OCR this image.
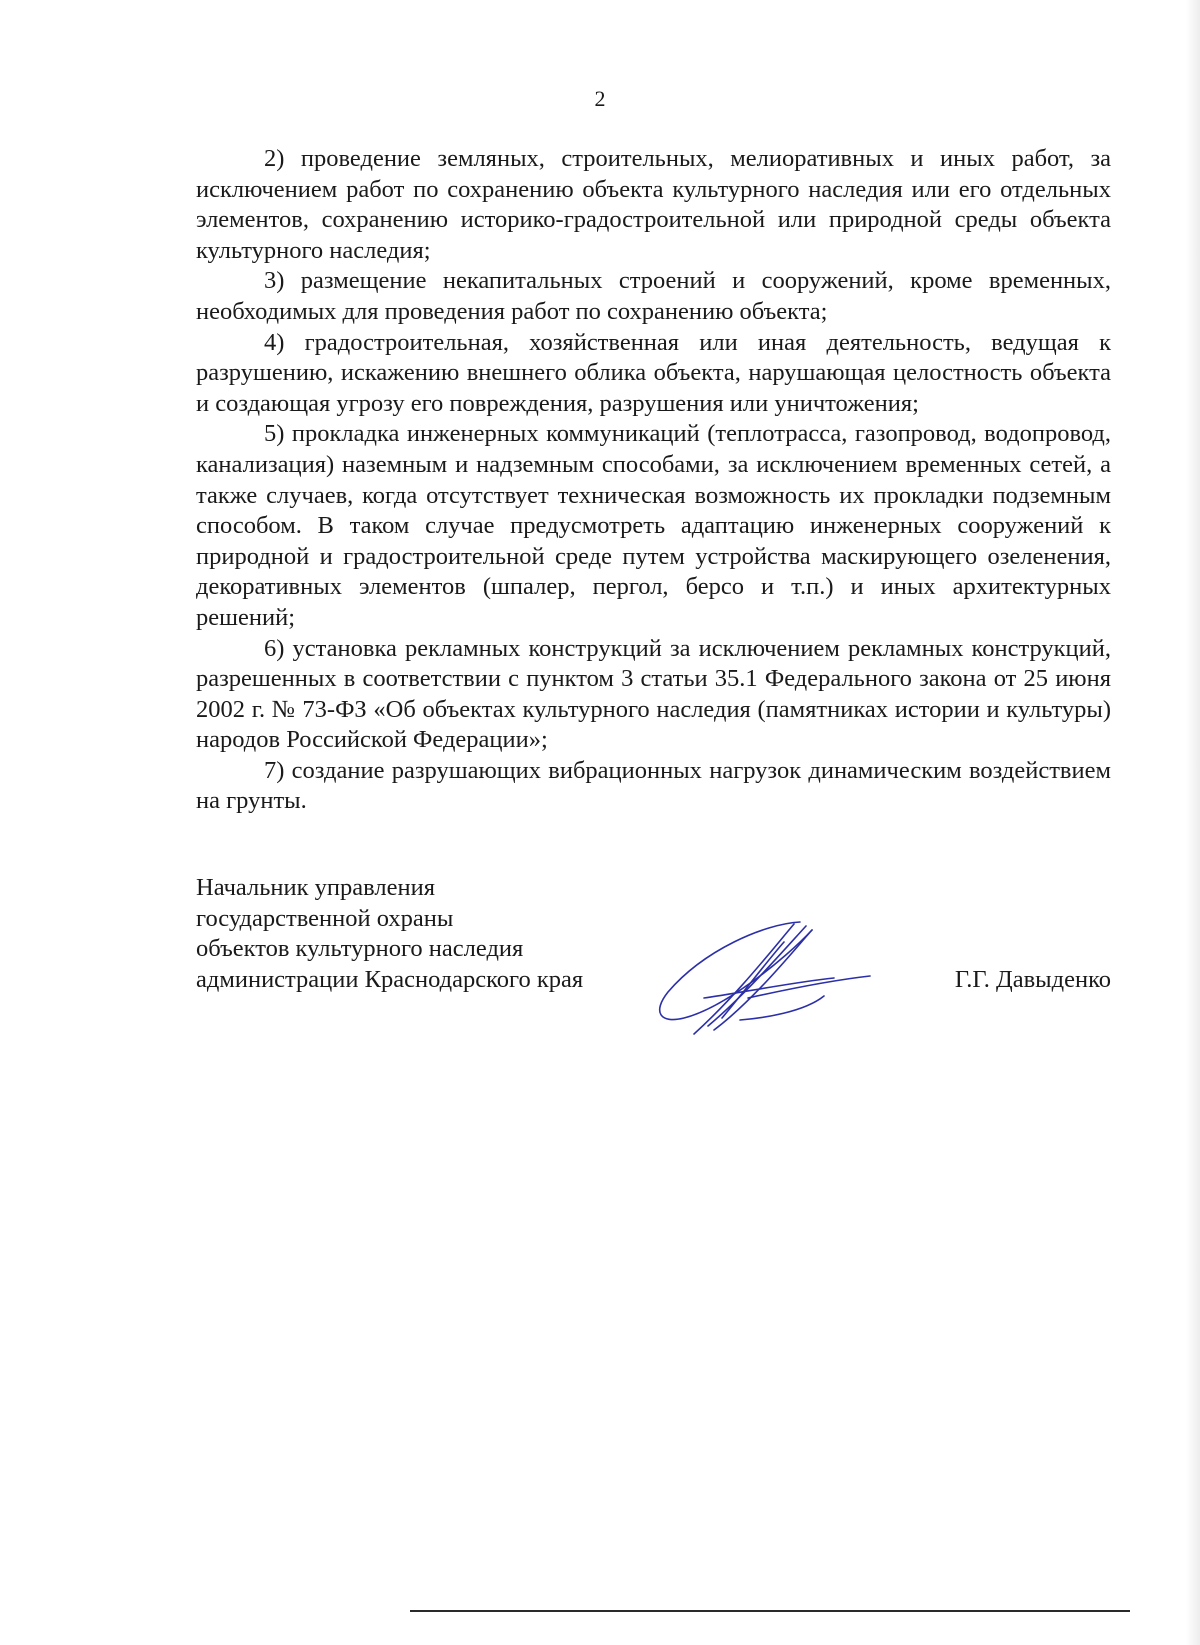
2

2) проведение земляных, строительных, мелиоративных и иных работ, за исключением работ по сохранению объекта культурного наследия или его отдельных элементов, сохранению историко-градостроительной или природной среды объекта культурного наследия;

3) размещение некапитальных строений и сооружений, кроме временных, необходимых для проведения работ по сохранению объекта;

4) градостроительная, хозяйственная или иная деятельность, ведущая к разрушению, искажению внешнего облика объекта, нарушающая целостность объекта и создающая угрозу его повреждения, разрушения или уничтожения;

5) прокладка инженерных коммуникаций (теплотрасса, газопровод, водопровод, канализация) наземным и надземным способами, за исключением временных сетей, а также случаев, когда отсутствует техническая возможность их прокладки подземным способом. В таком случае предусмотреть адаптацию инженерных сооружений к природной и градостроительной среде путем устройства маскирующего озеленения, декоративных элементов (шпалер, пергол, берсо и т.п.) и иных архитектурных решений;

6) установка рекламных конструкций за исключением рекламных конструкций, разрешенных в соответствии с пунктом 3 статьи 35.1 Федерального закона от 25 июня 2002 г. № 73-ФЗ «Об объектах культурного наследия (памятниках истории и культуры) народов Российской Федерации»;

7) создание разрушающих вибрационных нагрузок динамическим воздействием на грунты.

Начальник управления

государственной охраны

объектов культурного наследия

администрации Краснодарского края	Г.Г. Давыденко
